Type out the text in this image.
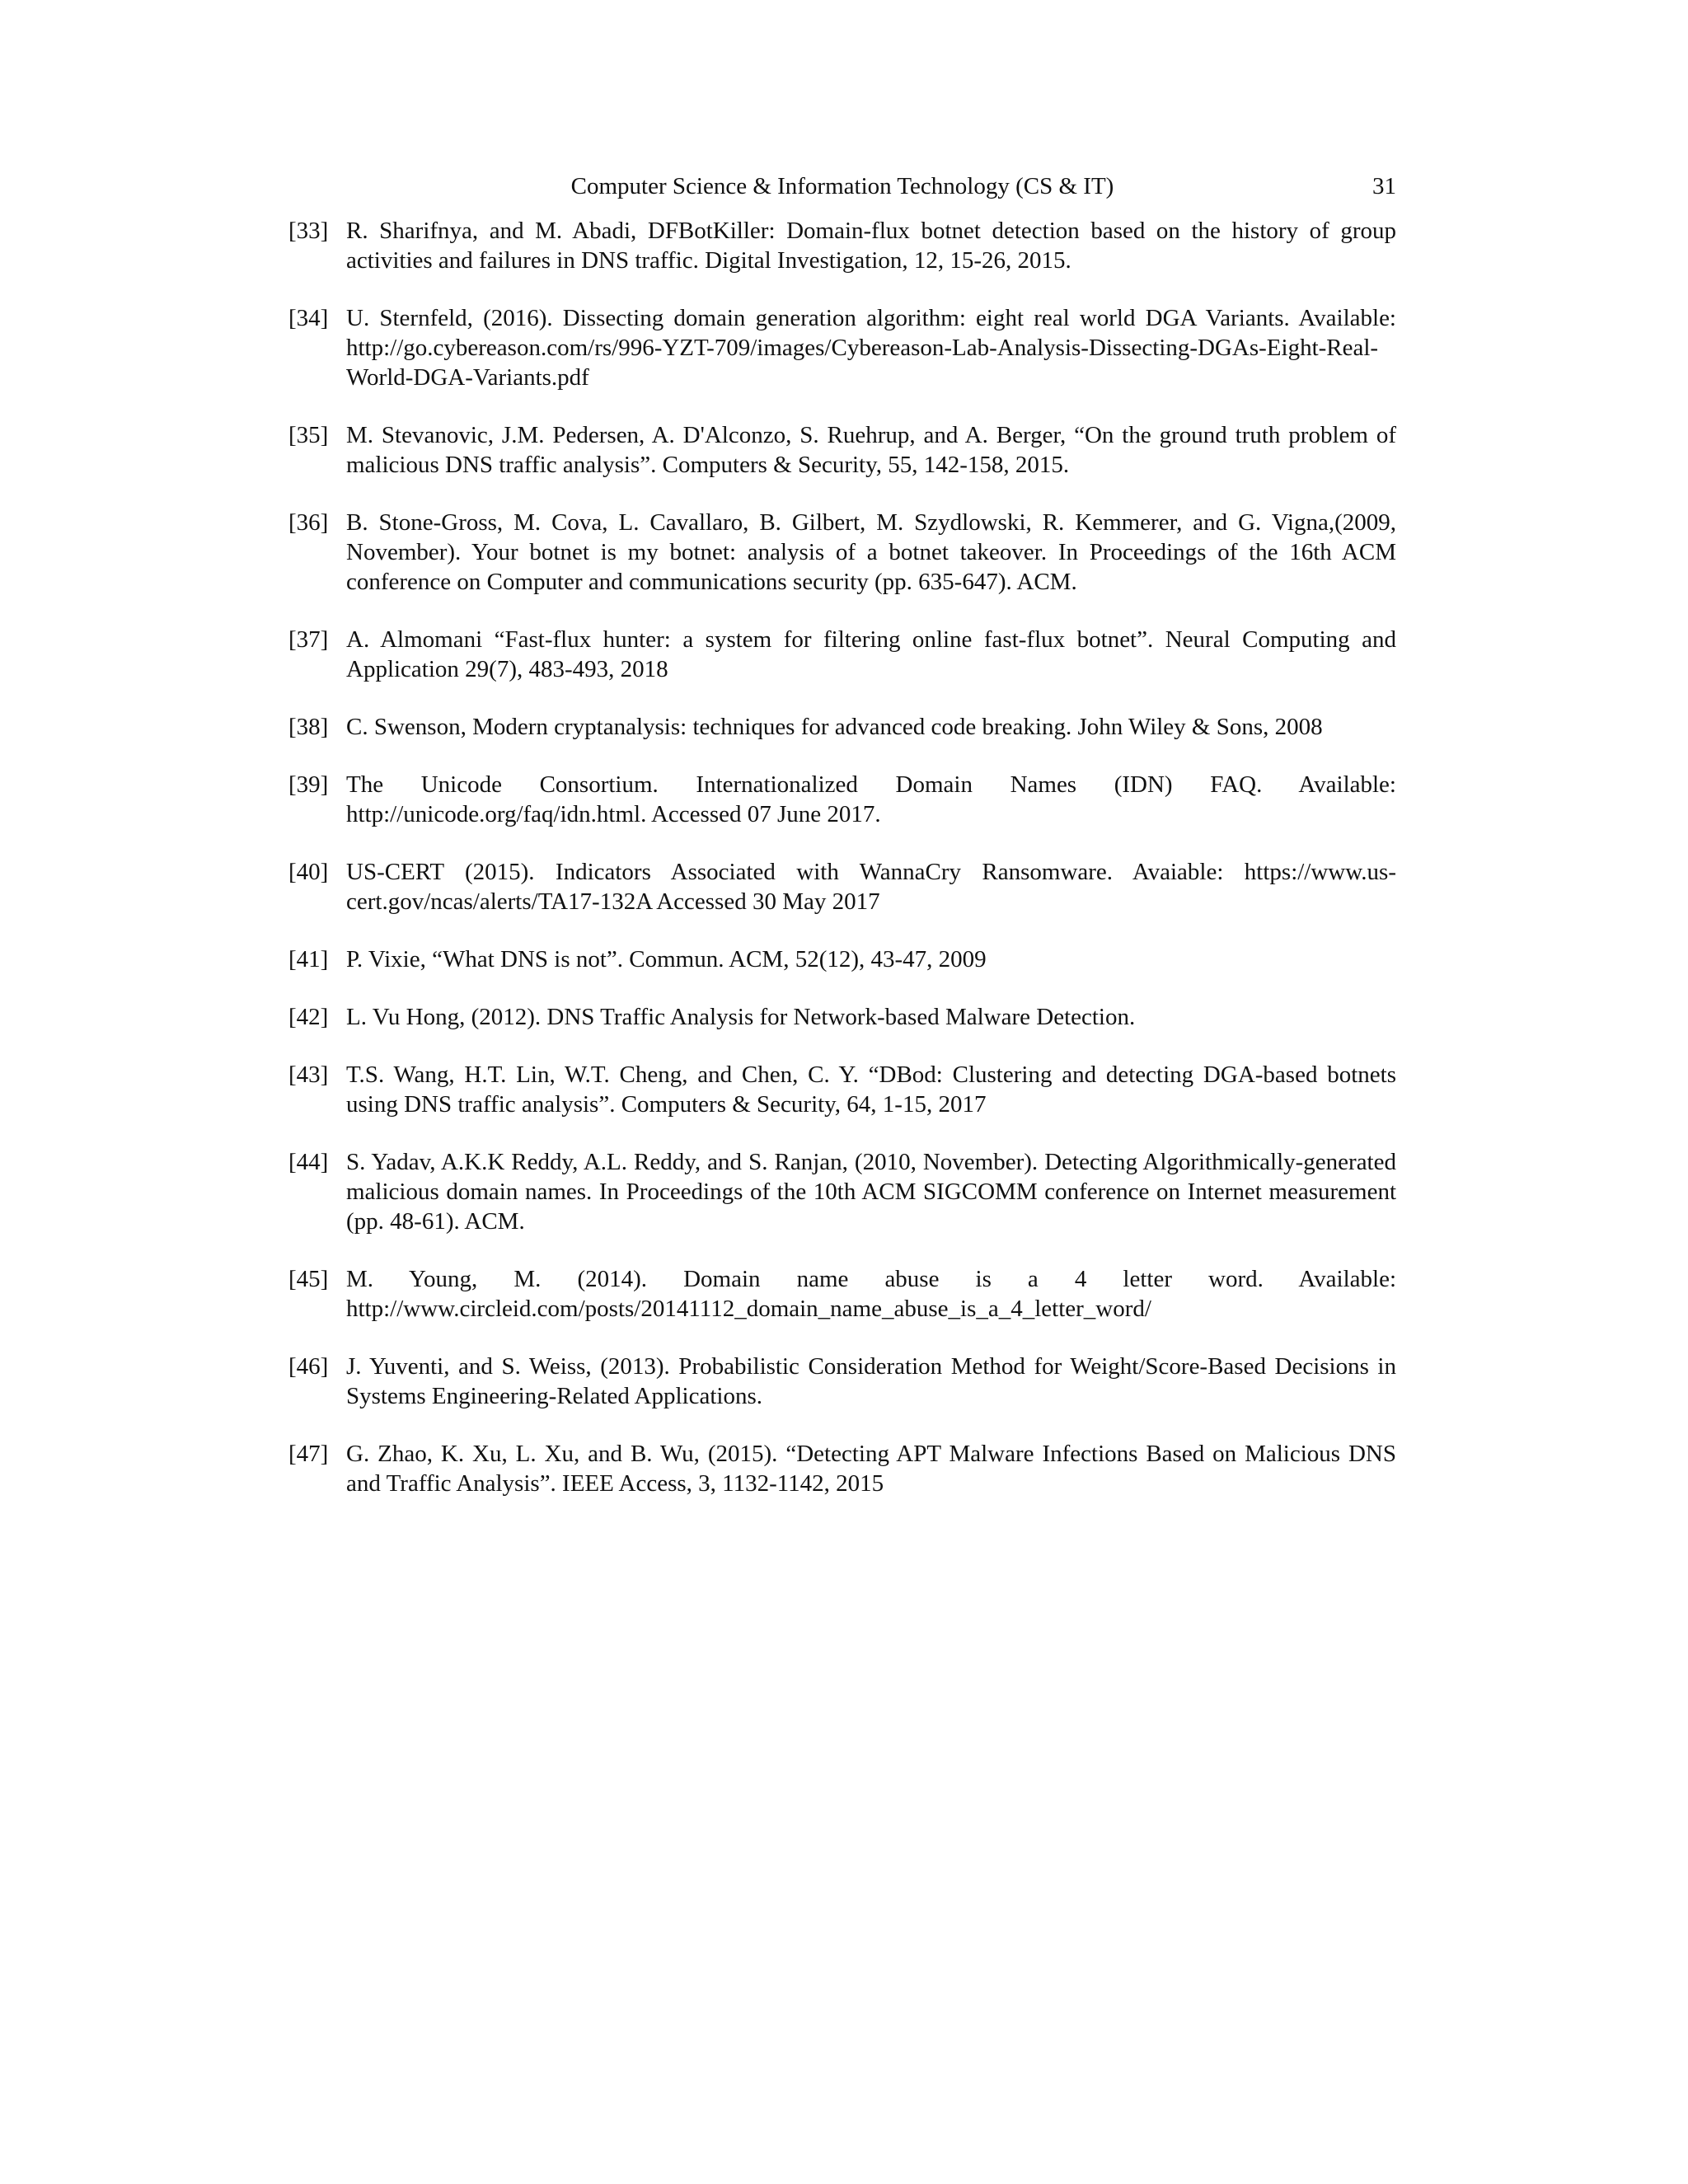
Computer Science & Information Technology (CS & IT)	31
[33] R. Sharifnya, and M. Abadi, DFBotKiller: Domain-flux botnet detection based on the history of group activities and failures in DNS traffic. Digital Investigation, 12, 15-26, 2015.
[34] U. Sternfeld, (2016). Dissecting domain generation algorithm: eight real world DGA Variants. Available: http://go.cybereason.com/rs/996-YZT-709/images/Cybereason-Lab-Analysis-Dissecting-DGAs-Eight-Real-World-DGA-Variants.pdf
[35] M. Stevanovic, J.M. Pedersen, A. D'Alconzo, S. Ruehrup, and A. Berger, “On the ground truth problem of malicious DNS traffic analysis”. Computers & Security, 55, 142-158, 2015.
[36] B. Stone-Gross, M. Cova, L. Cavallaro, B. Gilbert, M. Szydlowski, R. Kemmerer, and G. Vigna,(2009, November). Your botnet is my botnet: analysis of a botnet takeover. In Proceedings of the 16th ACM conference on Computer and communications security (pp. 635-647). ACM.
[37] A. Almomani “Fast-flux hunter: a system for filtering online fast-flux botnet”. Neural Computing and Application 29(7), 483-493, 2018
[38] C. Swenson, Modern cryptanalysis: techniques for advanced code breaking. John Wiley & Sons, 2008
[39] The Unicode Consortium. Internationalized Domain Names (IDN) FAQ. Available: http://unicode.org/faq/idn.html. Accessed 07 June 2017.
[40] US-CERT (2015). Indicators Associated with WannaCry Ransomware. Avaiable: https://www.us-cert.gov/ncas/alerts/TA17-132A Accessed 30 May 2017
[41] P. Vixie, “What DNS is not”. Commun. ACM, 52(12), 43-47, 2009
[42] L. Vu Hong, (2012). DNS Traffic Analysis for Network-based Malware Detection.
[43] T.S. Wang, H.T. Lin, W.T. Cheng, and Chen, C. Y. “DBod: Clustering and detecting DGA-based botnets using DNS traffic analysis”. Computers & Security, 64, 1-15, 2017
[44] S. Yadav, A.K.K Reddy, A.L. Reddy, and S. Ranjan, (2010, November). Detecting Algorithmically-generated malicious domain names. In Proceedings of the 10th ACM SIGCOMM conference on Internet measurement (pp. 48-61). ACM.
[45] M. Young, M. (2014). Domain name abuse is a 4 letter word. Available: http://www.circleid.com/posts/20141112_domain_name_abuse_is_a_4_letter_word/
[46] J. Yuventi, and S. Weiss, (2013). Probabilistic Consideration Method for Weight/Score-Based Decisions in Systems Engineering-Related Applications.
[47] G. Zhao, K. Xu, L. Xu, and B. Wu, (2015). “Detecting APT Malware Infections Based on Malicious DNS and Traffic Analysis”. IEEE Access, 3, 1132-1142, 2015
